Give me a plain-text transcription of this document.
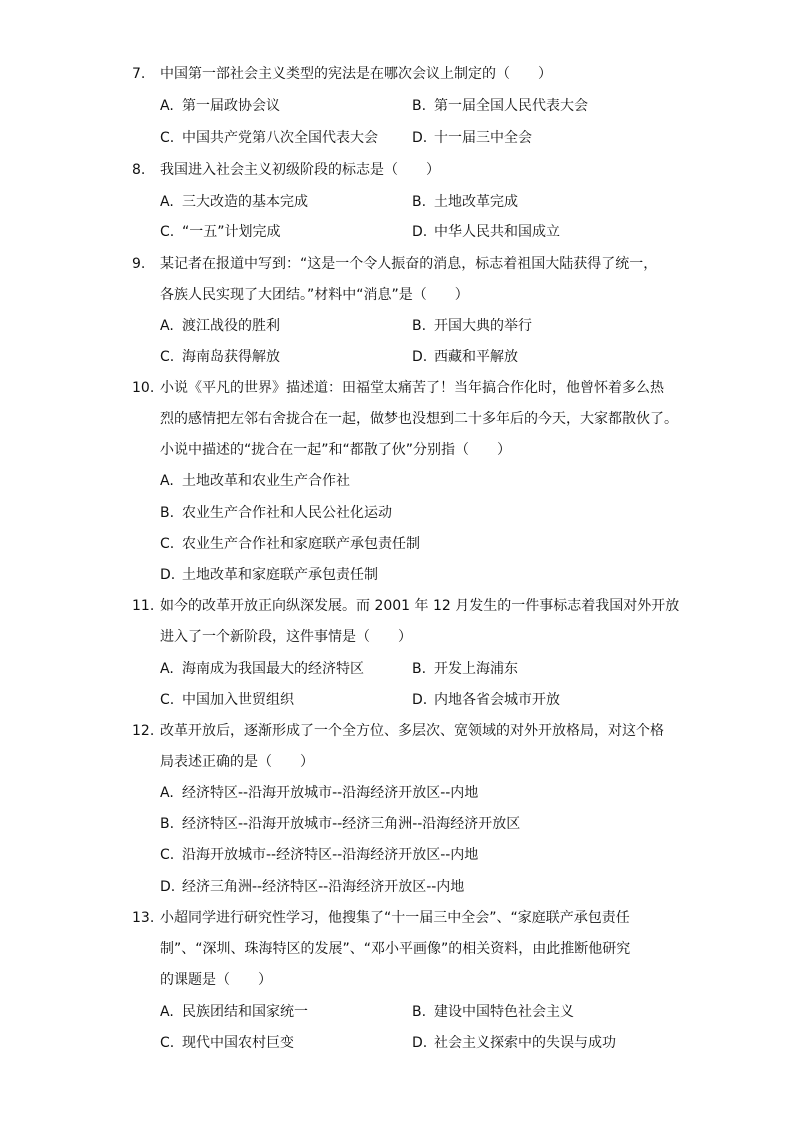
7.	中国第一部社会主义类型的宪法是在哪次会议上制定的（　　）
A. 第一届政协会议	B. 第一届全国人民代表大会
C. 中国共产党第八次全国代表大会 D. 十一届三中全会
8.	我国进入社会主义初级阶段的标志是（　　）
A. 三大改造的基本完成	B. 土地改革完成
C. “一五”计划完成	D. 中华人民共和国成立
9.	某记者在报道中写到：“这是一个令人振奋的消息，标志着祖国大陆获得了统一，
各族人民实现了大团结。”材料中“消息”是（　　）
A. 渡江战役的胜利	B. 开国大典的举行
C. 海南岛获得解放	D. 西藏和平解放
10. 小说《平凡的世界》描述道：田福堂太痛苦了！当年搞合作化时，他曾怀着多么热
烈的感情把左邻右舍拢合在一起，做梦也没想到二十多年后的今天，大家都散伙了。
小说中描述的“拢合在一起”和“都散了伙”分别指（　　）
A. 土地改革和农业生产合作社
B. 农业生产合作社和人民公社化运动
C. 农业生产合作社和家庭联产承包责任制
D. 土地改革和家庭联产承包责任制
11. 如今的改革开放正向纵深发展。而 2001 年 12 月发生的一件事标志着我国对外开放
进入了一个新阶段，这件事情是（　　）
A. 海南成为我国最大的经济特区	B. 开发上海浦东
C. 中国加入世贸组织	D. 内地各省会城市开放
12. 改革开放后，逐渐形成了一个全方位、多层次、宽领域的对外开放格局，对这个格
局表述正确的是（　　）
A. 经济特区--沿海开放城市--沿海经济开放区--内地
B. 经济特区--沿海开放城市--经济三角洲--沿海经济开放区
C. 沿海开放城市--经济特区--沿海经济开放区--内地
D. 经济三角洲--经济特区--沿海经济开放区--内地
13. 小超同学进行研究性学习，他搜集了“十一届三中全会”、“家庭联产承包责任
制”、“深圳、珠海特区的发展”、“邓小平画像”的相关资料，由此推断他研究
的课题是（　　）
A. 民族团结和国家统一	B. 建设中国特色社会主义
C. 现代中国农村巨变	D. 社会主义探索中的失误与成功
